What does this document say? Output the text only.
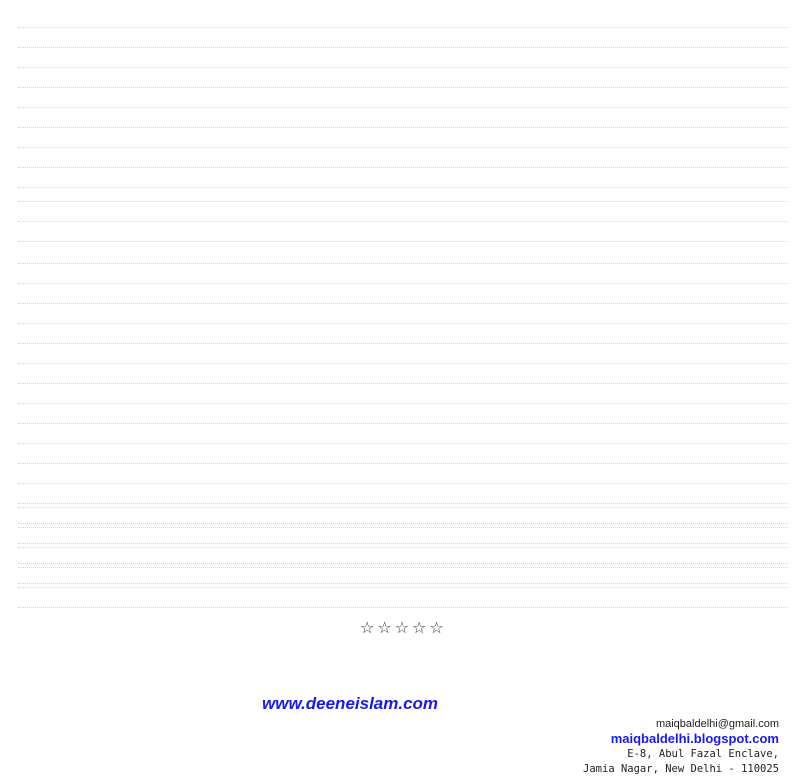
☆☆☆☆☆
www.deeneislam.com
maiqbaldelhi@gmail.com
maiqbaldelhi.blogspot.com
E-8, Abul Fazal Enclave,
Jamia Nagar, New Delhi - 110025
